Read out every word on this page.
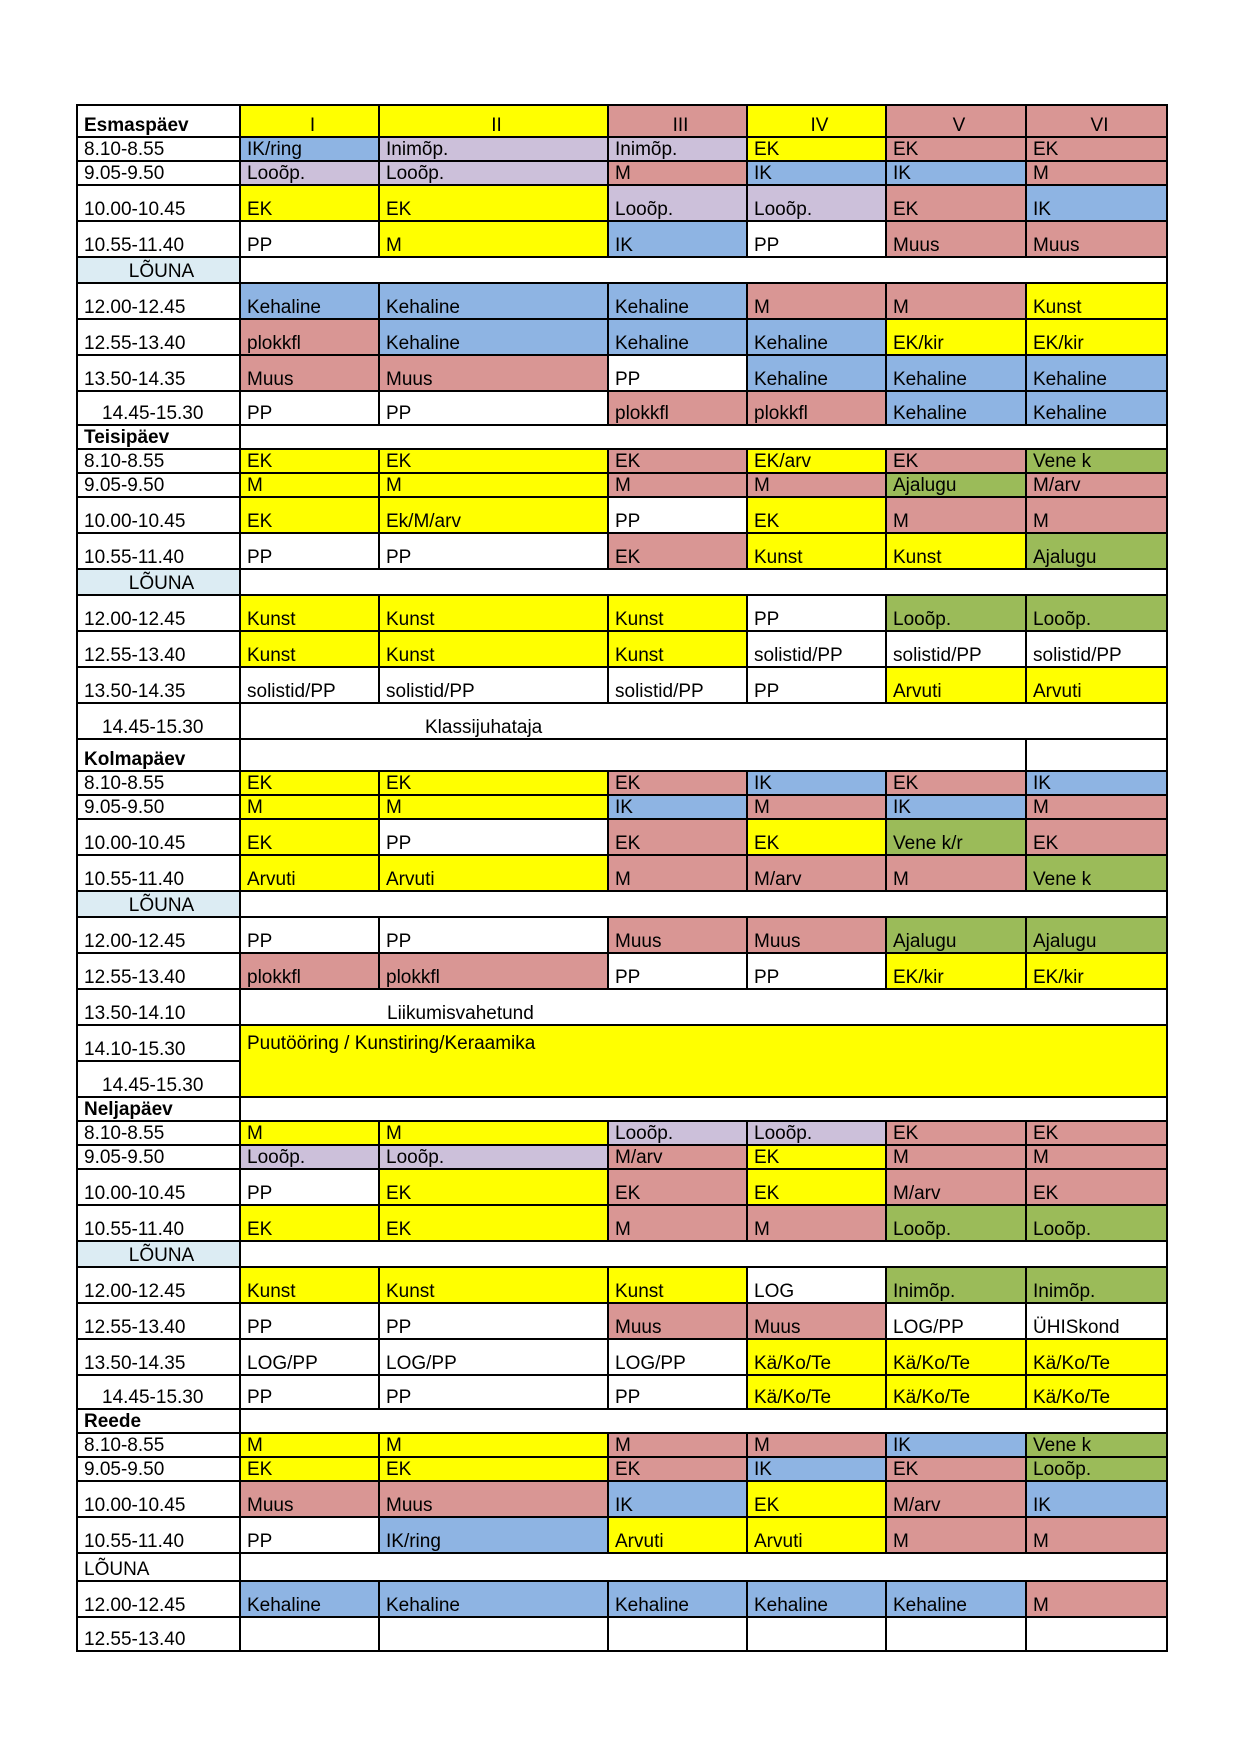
Esmaspäev	I	II	III	IV	V	VI
8.10-8.55	IK/ring	Inimõp.	Inimõp.	EK	EK	EK
9.05-9.50	Looõp.	Looõp.	M	IK	IK	M
10.00-10.45	EK	EK	Looõp.	Looõp.	EK	IK
10.55-11.40	PP	M	IK	PP	Muus	Muus
LÕUNA						
12.00-12.45	Kehaline	Kehaline	Kehaline	M	M	Kunst
12.55-13.40	plokkfl	Kehaline	Kehaline	Kehaline	EK/kir	EK/kir
13.50-14.35	Muus	Muus	PP	Kehaline	Kehaline	Kehaline
14.45-15.30	PP	PP	plokkfl	plokkfl	Kehaline	Kehaline
Teisipäev						
8.10-8.55	EK	EK	EK	EK/arv	EK	Vene k
9.05-9.50	M	M	M	M	Ajalugu	M/arv
10.00-10.45	EK	Ek/M/arv	PP	EK	M	M
10.55-11.40	PP	PP	EK	Kunst	Kunst	Ajalugu
LÕUNA						
12.00-12.45	Kunst	Kunst	Kunst	PP	Looõp.	Looõp.
12.55-13.40	Kunst	Kunst	Kunst	solistid/PP	solistid/PP	solistid/PP
13.50-14.35	solistid/PP	solistid/PP	solistid/PP	PP	Arvuti	Arvuti
14.45-15.30	Klassijuhataja					
Kolmapäev						
8.10-8.55	EK	EK	EK	IK	EK	IK
9.05-9.50	M	M	IK	M	IK	M
10.00-10.45	EK	PP	EK	EK	Vene k/r	EK
10.55-11.40	Arvuti	Arvuti	M	M/arv	M	Vene k
LÕUNA						
12.00-12.45	PP	PP	Muus	Muus	Ajalugu	Ajalugu
12.55-13.40	plokkfl	plokkfl	PP	PP	EK/kir	EK/kir
13.50-14.10	Liikumisvahetund					
14.10-15.30	Puutööring / Kunstiring/Keraamika					
14.45-15.30						
Neljapäev						
8.10-8.55	M	M	Looõp.	Looõp.	EK	EK
9.05-9.50	Looõp.	Looõp.	M/arv	EK	M	M
10.00-10.45	PP	EK	EK	EK	M/arv	EK
10.55-11.40	EK	EK	M	M	Looõp.	Looõp.
LÕUNA						
12.00-12.45	Kunst	Kunst	Kunst	LOG	Inimõp.	Inimõp.
12.55-13.40	PP	PP	Muus	Muus	LOG/PP	ÜHISkond
13.50-14.35	LOG/PP	LOG/PP	LOG/PP	Kä/Ko/Te	Kä/Ko/Te	Kä/Ko/Te
14.45-15.30	PP	PP	PP	Kä/Ko/Te	Kä/Ko/Te	Kä/Ko/Te
Reede						
8.10-8.55	M	M	M	M	IK	Vene k
9.05-9.50	EK	EK	EK	IK	EK	Looõp.
10.00-10.45	Muus	Muus	IK	EK	M/arv	IK
10.55-11.40	PP	IK/ring	Arvuti	Arvuti	M	M
LÕUNA						
12.00-12.45	Kehaline	Kehaline	Kehaline	Kehaline	Kehaline	M
12.55-13.40						
